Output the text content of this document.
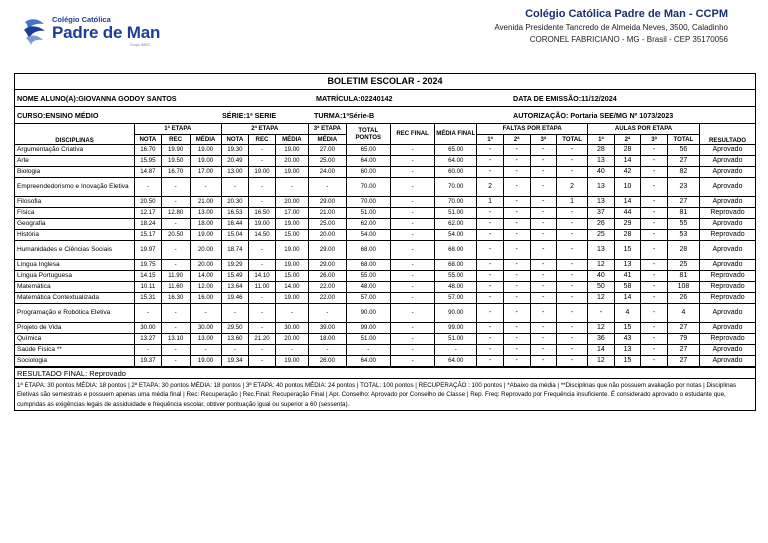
Colégio Católica
Padre de Man
Grupo UBEC
Colégio Católica Padre de Man - CCPM
Avenida Presidente Tancredo de Almeida Neves, 3500, Caladinho
CORONEL FABRICIANO - MG - Brasil - CEP 35170056
BOLETIM ESCOLAR - 2024
NOME ALUNO(A):GIOVANNA GODOY SANTOS	MATRÍCULA:02240142	DATA DE EMISSÃO:11/12/2024
CURSO:ENSINO MÉDIO	SÉRIE:1ª SERIE	TURMA:1ªSérie-B	AUTORIZAÇÃO: Portaria SEE/MG Nº 1073/2023
DISCIPLINAS	1ª ETAPA			2ª ETAPA			3ª ETAPA	TOTAL PONTOS	REC FINAL	MÉDIA FINAL	FALTAS POR ETAPA				AULAS POR ETAPA				RESULTADO
	NOTA	REC	MÉDIA	NOTA	REC	MÉDIA	MÉDIA				1ª	2ª	3ª	TOTAL	1ª	2ª	3ª	TOTAL	
Argumentação Criativa	16.70	19.90	19.00	19.30	-	19.00	27.00	65.00	-	65.00	-	-	-	-	28	28	-	56	Aprovado
Arte	15.95	19.50	19.00	20.49	-	20.00	25.00	64.00	-	64.00	-	-	-	-	13	14	-	27	Aprovado
Biologia	14.87	16.70	17.00	13.00	19.00	19.00	24.00	60.00	-	60.00	-	-	-	-	40	42	-	82	Aprovado
Empreendedorismo e Inovação Eletiva	-	-	-	-	-	-	-	70.00	-	70.00	2	-	-	2	13	10	-	23	Aprovado
Filosofia	20.50	-	21.00	20.30	-	20.00	29.00	70.00	-	70.00	1	-	-	1	13	14	-	27	Aprovado
Física	12.17	12.80	13.00	16.53	16.50	17.00	21.00	51.00	-	51.00	-	-	-	-	37	44	-	81	Reprovado
Geografia	18.24	-	18.00	16.44	19.00	19.00	25.00	62.00	-	62.00	-	-	-	-	26	29	-	55	Aprovado
História	15.17	20.50	19.00	15.04	14.50	15.00	20.00	54.00	-	54.00	-	-	-	-	25	28	-	53	Reprovado
Humanidades e Ciências Sociais	19.97	-	20.00	18.74	-	19.00	29.00	68.00	-	68.00	-	-	-	-	13	15	-	28	Aprovado
Língua Inglesa	19.75	-	20.00	19.29	-	19.00	29.00	68.00	-	68.00	-	-	-	-	12	13	-	25	Aprovado
Língua Portuguesa	14.15	11.90	14.00	15.49	14.10	15.00	26.00	55.00	-	55.00	-	-	-	-	40	41	-	81	Reprovado
Matemática	10.11	11.60	12.00	13.64	11.00	14.00	22.00	48.00	-	48.00	-	-	-	-	50	58	-	108	Reprovado
Matemática Contextualizada	15.31	16.30	16.00	19.46	-	19.00	22.00	57.00	-	57.00	-	-	-	-	12	14	-	26	Reprovado
Programação e Robótica Eletiva	-	-	-	-	-	-	-	90.00	-	90.00	-	-	-	-	-	4	-	4	Aprovado
Projeto de Vida	30.00	-	30.00	29.50	-	30.00	39.00	99.00	-	99.00	-	-	-	-	12	15	-	27	Aprovado
Química	13.27	13.10	13.00	13.60	21.20	20.00	18.00	51.00	-	51.00	-	-	-	-	36	43	-	79	Reprovado
Saúde Física **	-	-	-	-	-	-	-	-	-	-	-	-	-	-	14	13	-	27	Aprovado
Sociologia	19.37	-	19.00	19.34	-	19.00	26.00	64.00	-	64.00	-	-	-	-	12	15	-	27	Aprovado
RESULTADO FINAL: Reprovado
1ª ETAPA: 30 pontos MÉDIA: 18 pontos | 2ª ETAPA: 30 pontos MÉDIA: 18 pontos | 3ª ETAPA: 40 pontos MÉDIA: 24 pontos | TOTAL: 100 pontos | RECUPERAÇÃO : 100 pontos | *Abaixo da média | **Disciplinas que não possuem avaliação por notas | Disciplinas Eletivas são semestrais e possuem apenas uma média final | Rec: Recuperação | Rec.Final: Recuperação Final | Apr. Conselho: Aprovado por Conselho de Classe | Rep. Freq: Reprovado por Frequência insuficiente. É considerado aprovado o estudante que, cumpridas as exigências legais de assiduidade e frequência escolar, obtiver pontuação igual ou superior a 60 (sessenta).
